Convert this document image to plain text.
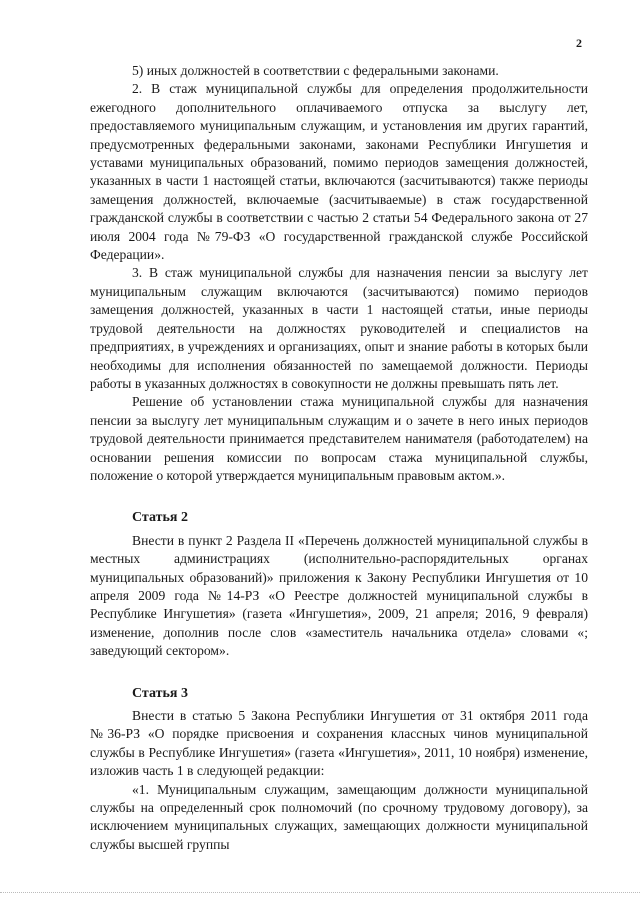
2

5) иных должностей в соответствии с федеральными законами.

2. В стаж муниципальной службы для определения продолжительности ежегодного дополнительного оплачиваемого отпуска за выслугу лет, предоставляемого муниципальным служащим, и установления им других гарантий, предусмотренных федеральными законами, законами Республики Ингушетия и уставами муниципальных образований, помимо периодов замещения должностей, указанных в части 1 настоящей статьи, включаются (засчитываются) также периоды замещения должностей, включаемые (засчитываемые) в стаж государственной гражданской службы в соответствии с частью 2 статьи 54 Федерального закона от 27 июля 2004 года №79-ФЗ «О государственной гражданской службе Российской Федерации».

3. В стаж муниципальной службы для назначения пенсии за выслугу лет муниципальным служащим включаются (засчитываются) помимо периодов замещения должностей, указанных в части 1 настоящей статьи, иные периоды трудовой деятельности на должностях руководителей и специалистов на предприятиях, в учреждениях и организациях, опыт и знание работы в которых были необходимы для исполнения обязанностей по замещаемой должности. Периоды работы в указанных должностях в совокупности не должны превышать пять лет.

Решение об установлении стажа муниципальной службы для назначения пенсии за выслугу лет муниципальным служащим и о зачете в него иных периодов трудовой деятельности принимается представителем нанимателя (работодателем) на основании решения комиссии по вопросам стажа муниципальной службы, положение о которой утверждается муниципальным правовым актом.».

Статья 2

Внести в пункт 2 Раздела II «Перечень должностей муниципальной службы в местных администрациях (исполнительно-распорядительных органах муниципальных образований)» приложения к Закону Республики Ингушетия от 10 апреля 2009 года №14-РЗ «О Реестре должностей муниципальной службы в Республике Ингушетия» (газета «Ингушетия», 2009, 21 апреля; 2016, 9 февраля) изменение, дополнив после слов «заместитель начальника отдела» словами «; заведующий сектором».

Статья 3

Внести в статью 5 Закона Республики Ингушетия от 31 октября 2011 года №36-РЗ «О порядке присвоения и сохранения классных чинов муниципальной службы в Республике Ингушетия» (газета «Ингушетия», 2011, 10 ноября) изменение, изложив часть 1 в следующей редакции:

«1. Муниципальным служащим, замещающим должности муниципальной службы на определенный срок полномочий (по срочному трудовому договору), за исключением муниципальных служащих, замещающих должности муниципальной службы высшей группы
